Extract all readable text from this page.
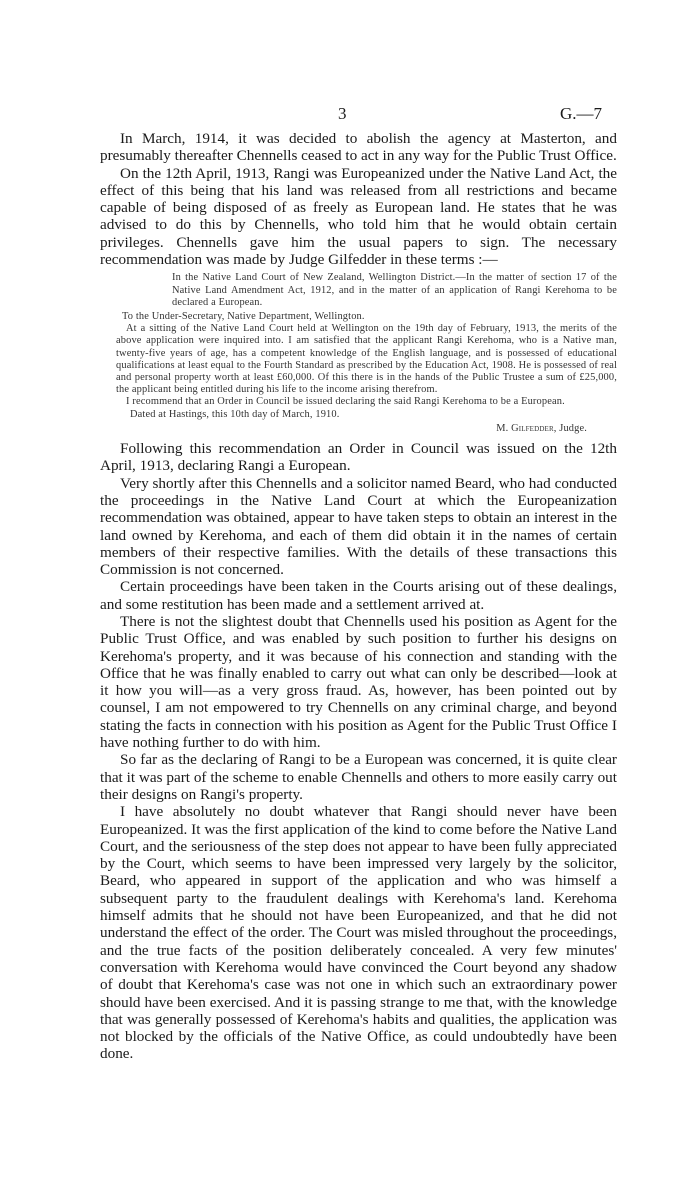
3	G.—7

In March, 1914, it was decided to abolish the agency at Masterton, and presumably thereafter Chennells ceased to act in any way for the Public Trust Office.

On the 12th April, 1913, Rangi was Europeanized under the Native Land Act, the effect of this being that his land was released from all restrictions and became capable of being disposed of as freely as European land. He states that he was advised to do this by Chennells, who told him that he would obtain certain privileges. Chennells gave him the usual papers to sign. The necessary recommendation was made by Judge Gilfedder in these terms :—

In the Native Land Court of New Zealand, Wellington District.—In the matter of section 17 of the Native Land Amendment Act, 1912, and in the matter of an application of Rangi Kerehoma to be declared a European.

To the Under-Secretary, Native Department, Wellington.

At a sitting of the Native Land Court held at Wellington on the 19th day of February, 1913, the merits of the above application were inquired into. I am satisfied that the applicant Rangi Kerehoma, who is a Native man, twenty-five years of age, has a competent knowledge of the English language, and is possessed of educational qualifications at least equal to the Fourth Standard as prescribed by the Education Act, 1908. He is possessed of real and personal property worth at least £60,000. Of this there is in the hands of the Public Trustee a sum of £25,000, the applicant being entitled during his life to the income arising therefrom.

I recommend that an Order in Council be issued declaring the said Rangi Kerehoma to be a European.

Dated at Hastings, this 10th day of March, 1910.

M. Gilfedder, Judge.

Following this recommendation an Order in Council was issued on the 12th April, 1913, declaring Rangi a European.

Very shortly after this Chennells and a solicitor named Beard, who had conducted the proceedings in the Native Land Court at which the Europeanization recommendation was obtained, appear to have taken steps to obtain an interest in the land owned by Kerehoma, and each of them did obtain it in the names of certain members of their respective families. With the details of these transactions this Commission is not concerned.

Certain proceedings have been taken in the Courts arising out of these dealings, and some restitution has been made and a settlement arrived at.

There is not the slightest doubt that Chennells used his position as Agent for the Public Trust Office, and was enabled by such position to further his designs on Kerehoma's property, and it was because of his connection and standing with the Office that he was finally enabled to carry out what can only be described—look at it how you will—as a very gross fraud. As, however, has been pointed out by counsel, I am not empowered to try Chennells on any criminal charge, and beyond stating the facts in connection with his position as Agent for the Public Trust Office I have nothing further to do with him.

So far as the declaring of Rangi to be a European was concerned, it is quite clear that it was part of the scheme to enable Chennells and others to more easily carry out their designs on Rangi's property.

I have absolutely no doubt whatever that Rangi should never have been Europeanized. It was the first application of the kind to come before the Native Land Court, and the seriousness of the step does not appear to have been fully appreciated by the Court, which seems to have been impressed very largely by the solicitor, Beard, who appeared in support of the application and who was himself a subsequent party to the fraudulent dealings with Kerehoma's land. Kerehoma himself admits that he should not have been Europeanized, and that he did not understand the effect of the order. The Court was misled throughout the proceedings, and the true facts of the position deliberately concealed. A very few minutes' conversation with Kerehoma would have convinced the Court beyond any shadow of doubt that Kerehoma's case was not one in which such an extraordinary power should have been exercised. And it is passing strange to me that, with the knowledge that was generally possessed of Kerehoma's habits and qualities, the application was not blocked by the officials of the Native Office, as could undoubtedly have been done.
